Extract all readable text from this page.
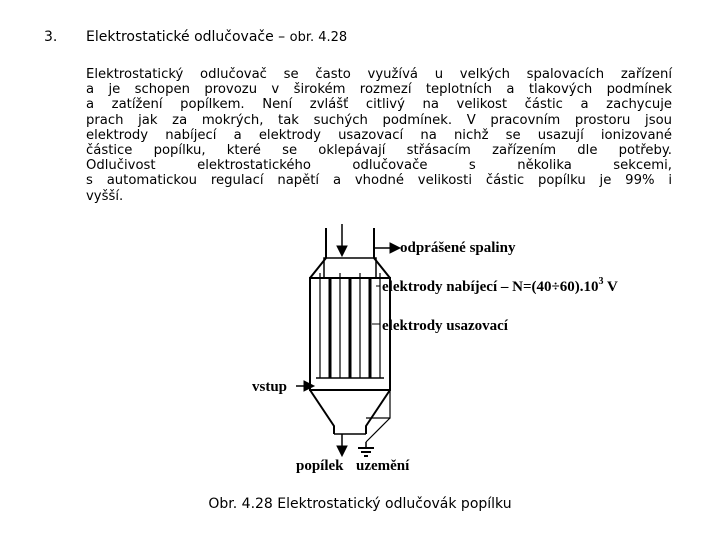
3. Elektrostatické odlučovače – obr. 4.28
Elektrostatický odlučovač se často využívá u velkých spalovacích zařízení
a je schopen provozu v širokém rozmezí teplotních a tlakových podmínek
a zatížení popílkem. Není zvlášť citlivý na velikost částic a zachycuje
prach jak za mokrých, tak suchých podmínek. V pracovním prostoru jsou
elektrody nabíjecí a elektrody usazovací na nichž se usazují ionizované
částice popílku, které se oklepávají střásacím zařízením dle potřeby.
Odlučivost elektrostatického odlučovače s několika sekcemi,
s automatickou regulací napětí a vhodné velikosti částic popílku je 99% i
vyšší.
odprášené spaliny
elektrody nabíjecí – $N=(40\div 60).10^3$ V
elektrody usazovací
vstup
popílek uzemění
Obr. 4.28 Elektrostatický odlučovák popílku
